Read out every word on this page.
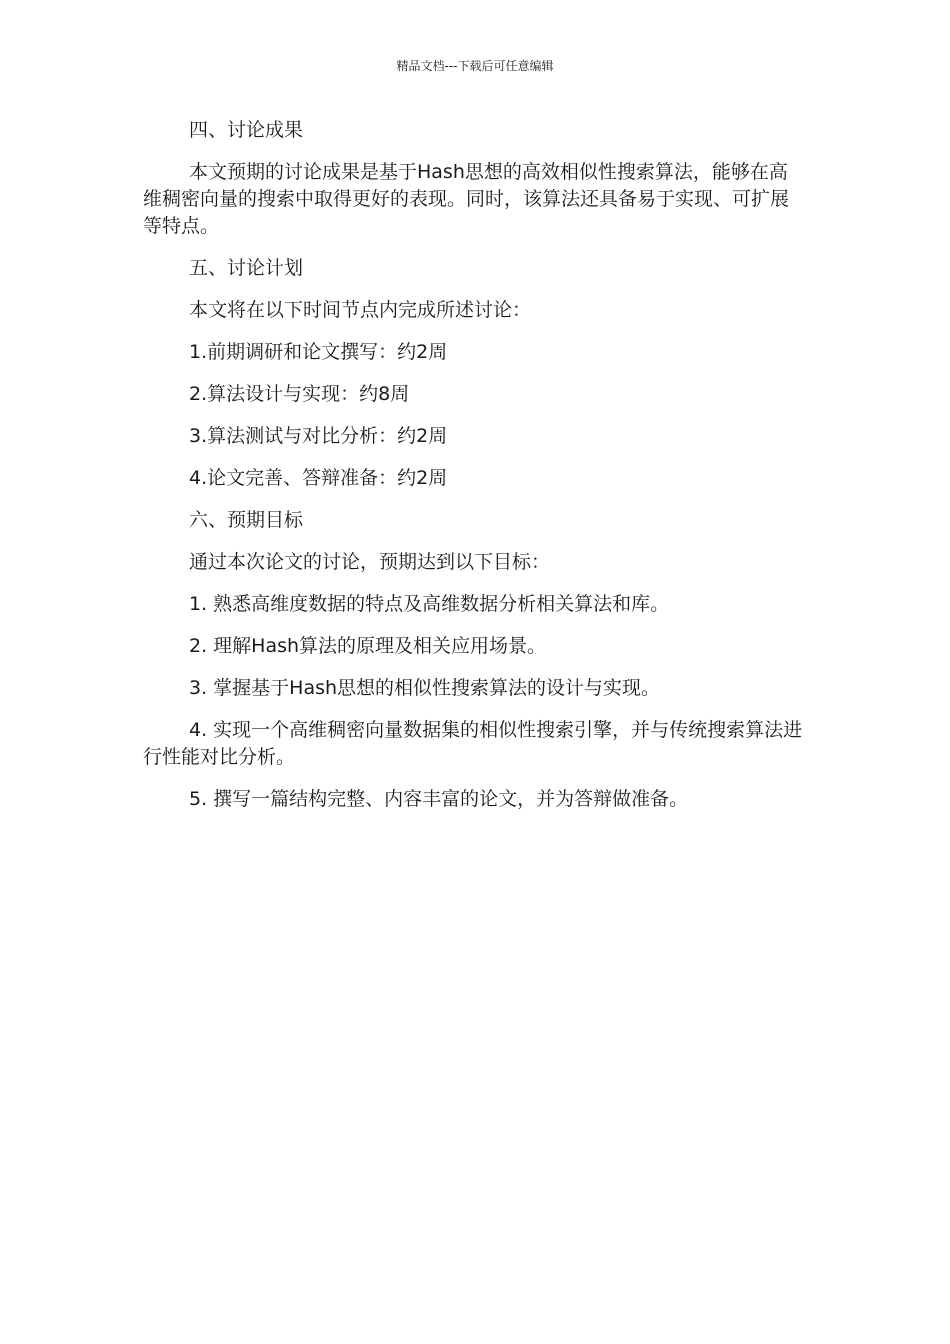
精品文档---下载后可任意编辑

四、讨论成果

本文预期的讨论成果是基于Hash思想的高效相似性搜索算法，能够在高维稠密向量的搜索中取得更好的表现。同时，该算法还具备易于实现、可扩展等特点。

五、讨论计划

本文将在以下时间节点内完成所述讨论：

1.前期调研和论文撰写：约2周

2.算法设计与实现：约8周

3.算法测试与对比分析：约2周

4.论文完善、答辩准备：约2周

六、预期目标

通过本次论文的讨论，预期达到以下目标：

1. 熟悉高维度数据的特点及高维数据分析相关算法和库。

2. 理解Hash算法的原理及相关应用场景。

3. 掌握基于Hash思想的相似性搜索算法的设计与实现。

4. 实现一个高维稠密向量数据集的相似性搜索引擎，并与传统搜索算法进行性能对比分析。

5. 撰写一篇结构完整、内容丰富的论文，并为答辩做准备。
